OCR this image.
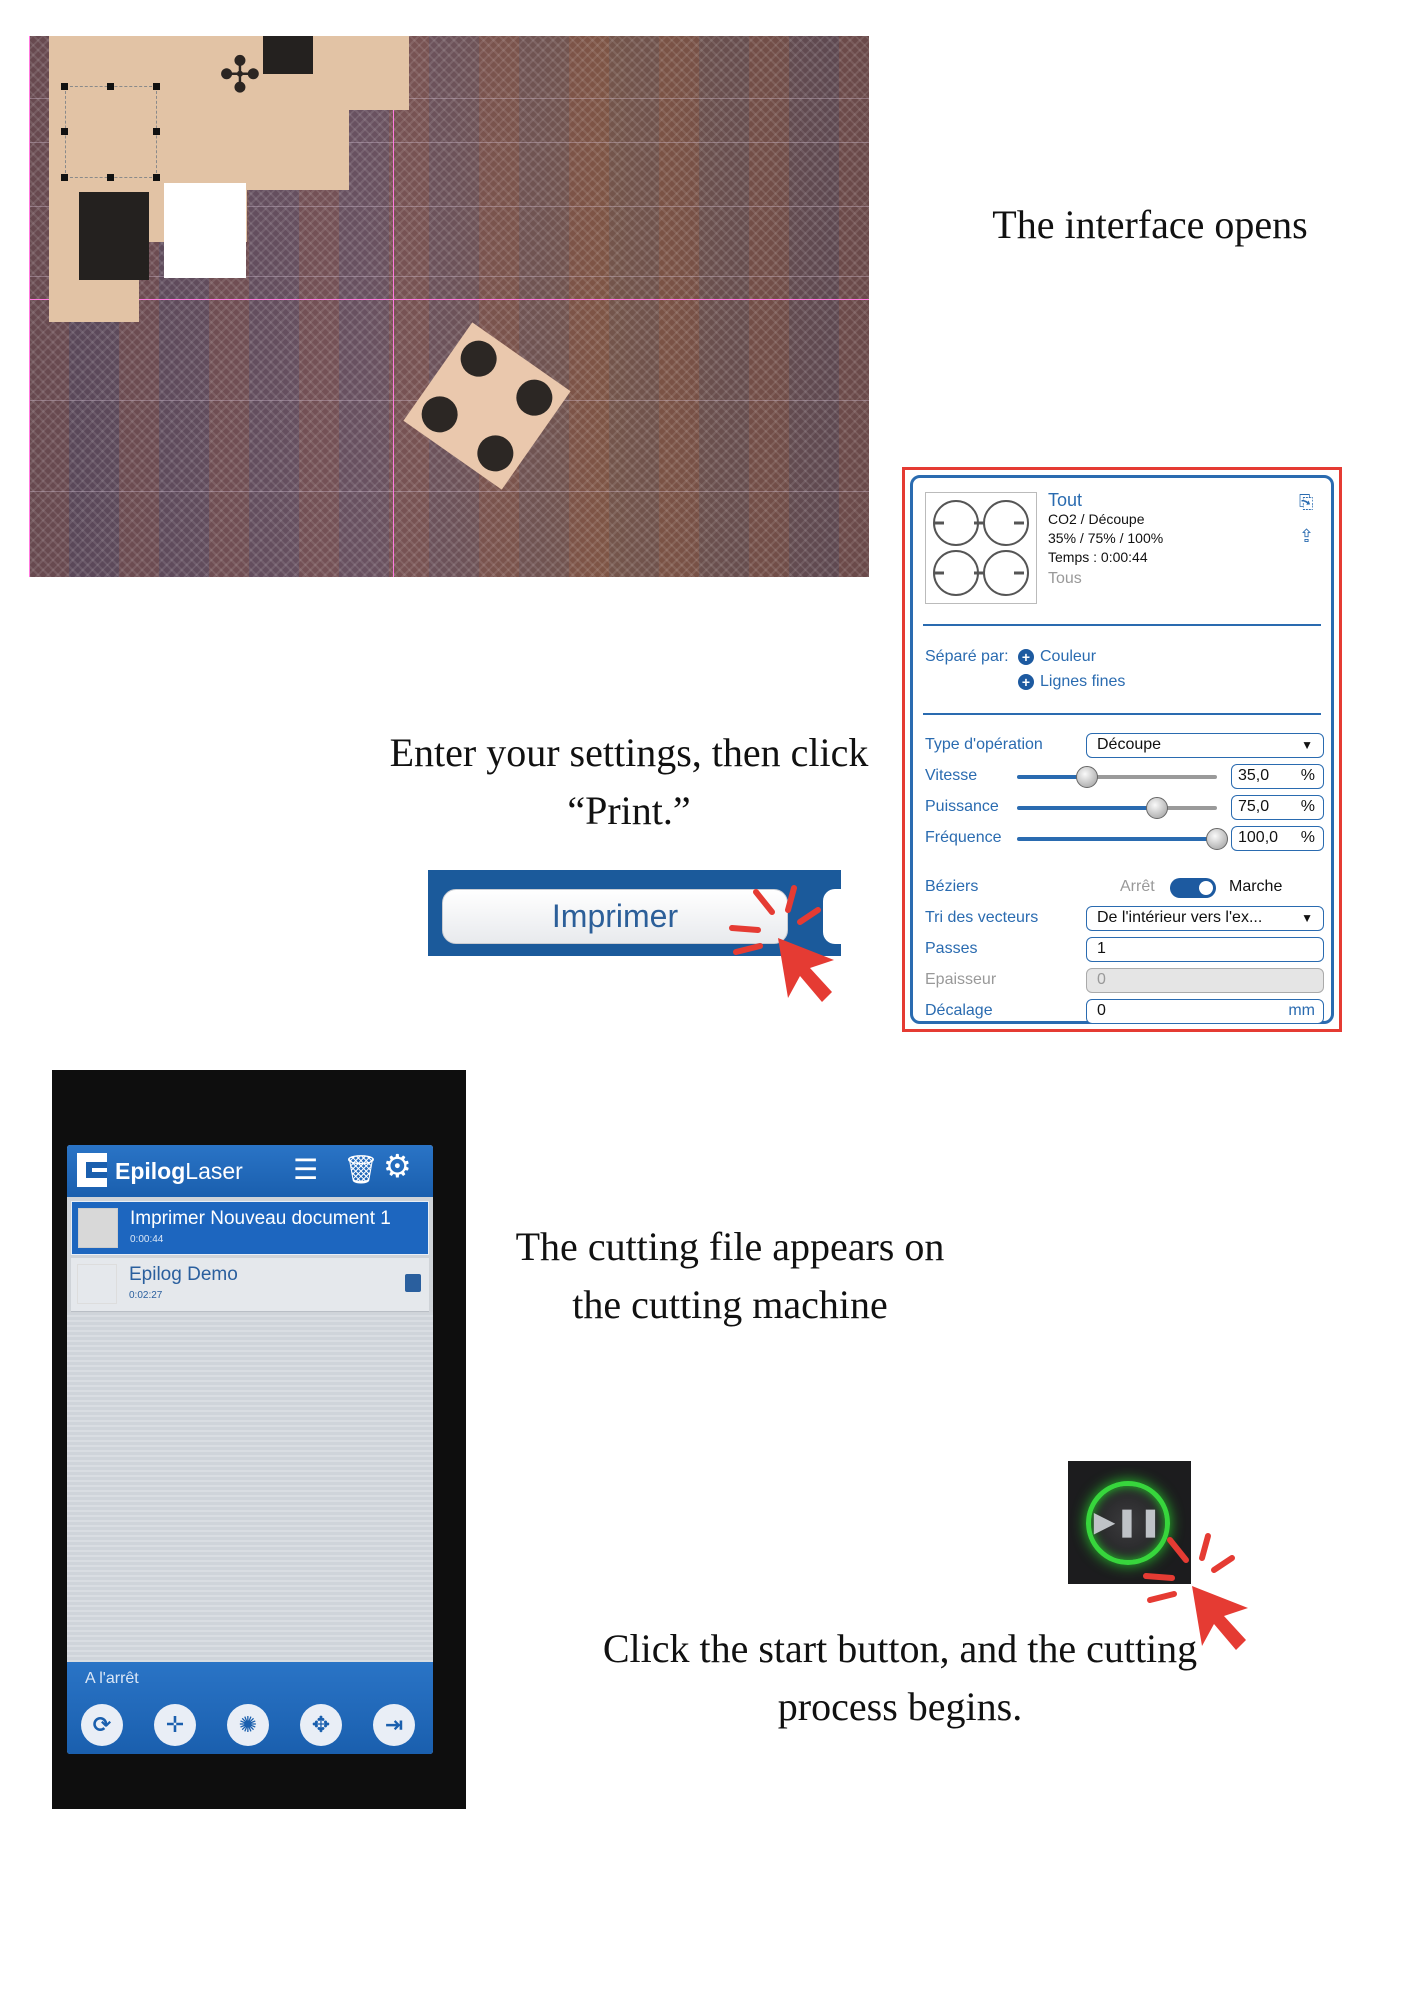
✣
The interface opens
Tout
CO2 / Découpe
35% / 75% / 100%
Temps : 0:00:44
Tous
⎘
⇪
Séparé par: + Couleur
+ Lignes fines
Type d'opération	Découpe	▼
Vitesse	35,0 %
Puissance	75,0 %
Fréquence	100,0 %
Béziers	Arrêt	Marche
Tri des vecteurs	De l'intérieur vers l'ex...	▼
Passes	1
Epaisseur	0
Décalage	0	mm
Enter your settings, then click “Print.”
Imprimer
EpilogLaser ☰ 🗑 ⚙
Imprimer Nouveau document 1
0:00:44
Epilog Demo
0:02:27
A l'arrêt
⟳	✛	✺	✥	⇥
The cutting file appears on the cutting machine
▶❚❚
Click the start button, and the cutting process begins.
